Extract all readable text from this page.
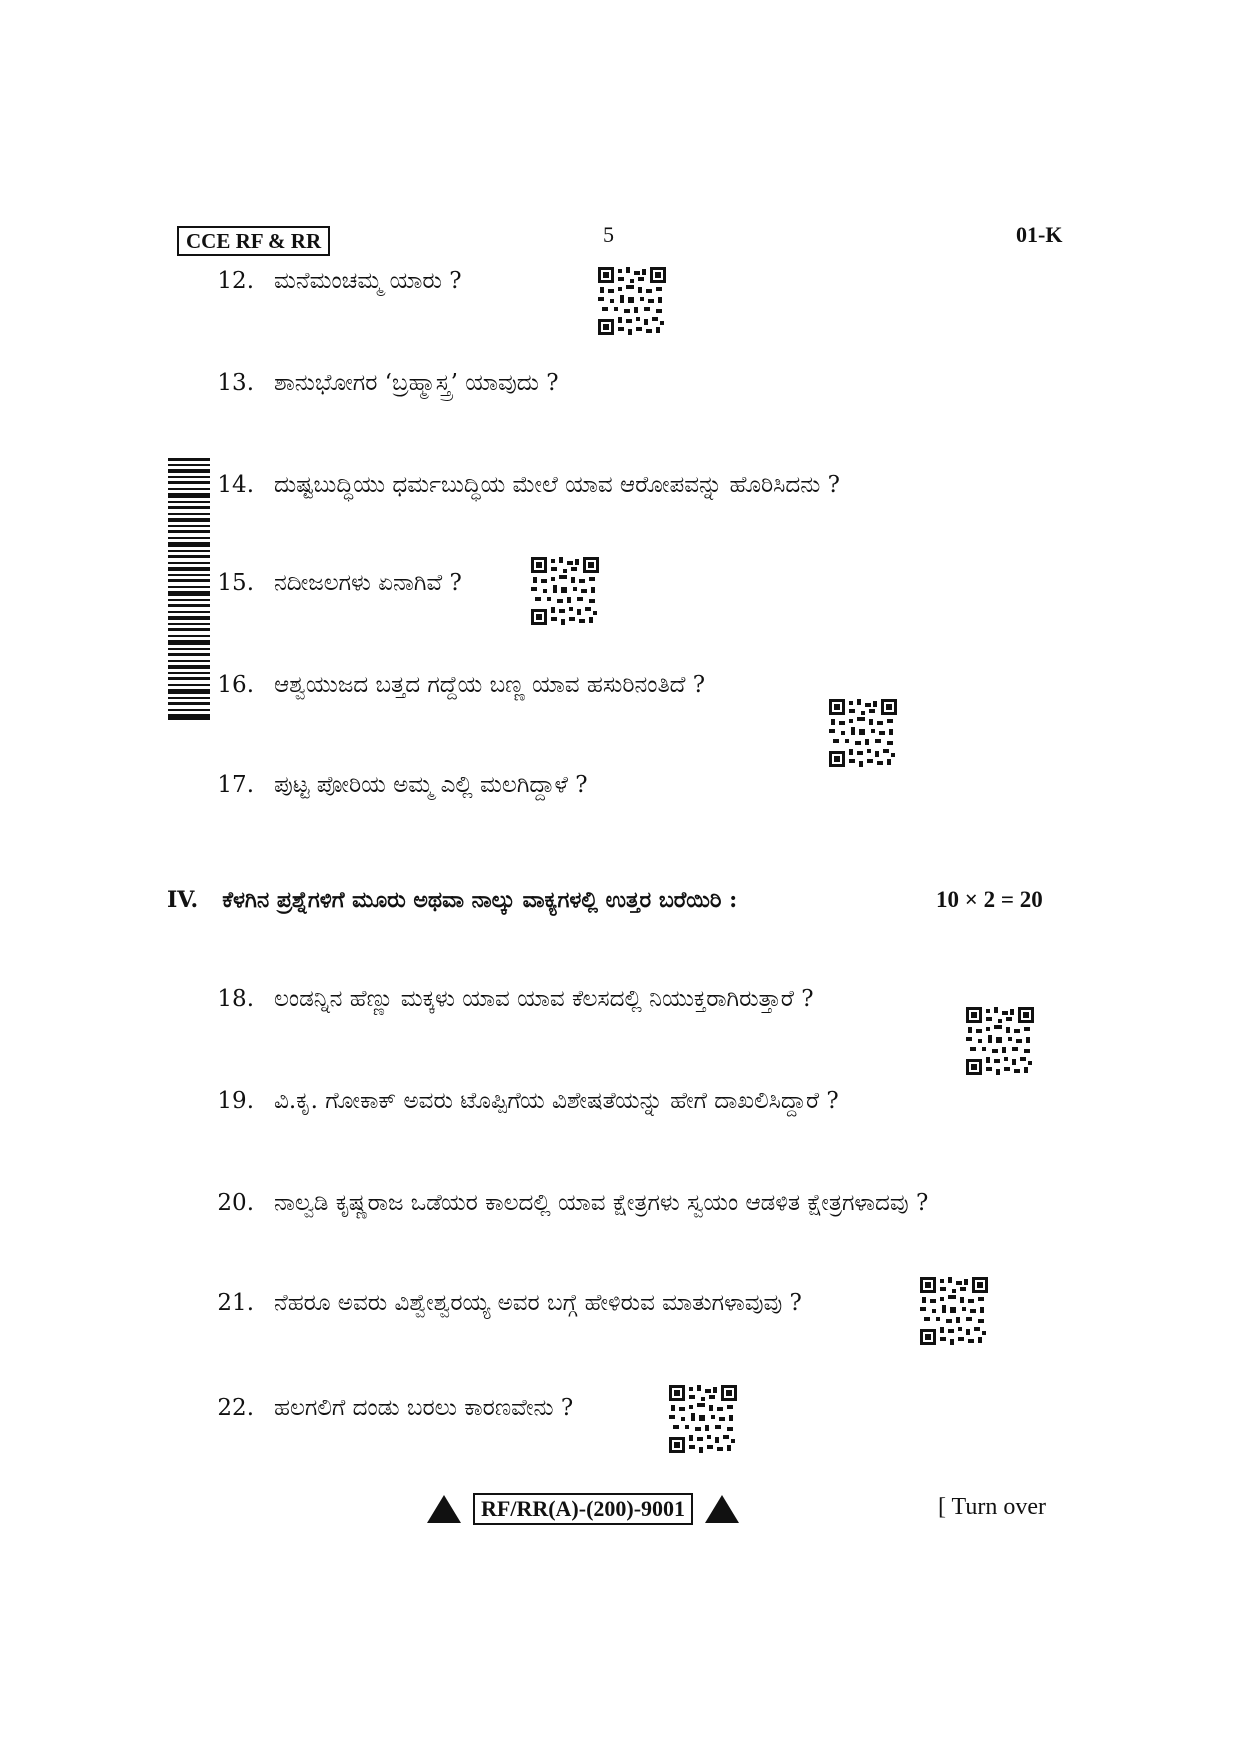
CCE RF & RR	5	01-K
12. ಮನೆಮಂಚಮ್ಮ ಯಾರು ?
13. ಶಾನುಭೋಗರ ‘ಬ್ರಹ್ಮಾಸ್ತ್ರ’ ಯಾವುದು ?
14. ದುಷ್ಟಬುದ್ಧಿಯು ಧರ್ಮಬುದ್ಧಿಯ ಮೇಲೆ ಯಾವ ಆರೋಪವನ್ನು ಹೊರಿಸಿದನು ?
15. ನದೀಜಲಗಳು ಏನಾಗಿವೆ ?
16. ಆಶ್ವಯುಜದ ಬತ್ತದ ಗದ್ದೆಯ ಬಣ್ಣ ಯಾವ ಹಸುರಿನಂತಿದೆ ?
17. ಪುಟ್ಟ ಪೋರಿಯ ಅಮ್ಮ ಎಲ್ಲಿ ಮಲಗಿದ್ದಾಳೆ ?
IV. ಕೆಳಗಿನ ಪ್ರಶ್ನೆಗಳಿಗೆ ಮೂರು ಅಥವಾ ನಾಲ್ಕು ವಾಕ್ಯಗಳಲ್ಲಿ ಉತ್ತರ ಬರೆಯಿರಿ :	10 × 2 = 20
18. ಲಂಡನ್ನಿನ ಹೆಣ್ಣು ಮಕ್ಕಳು ಯಾವ ಯಾವ ಕೆಲಸದಲ್ಲಿ ನಿಯುಕ್ತರಾಗಿರುತ್ತಾರೆ ?
19. ವಿ.ಕೃ. ಗೋಕಾಕ್ ಅವರು ಟೊಪ್ಪಿಗೆಯ ವಿಶೇಷತೆಯನ್ನು ಹೇಗೆ ದಾಖಲಿಸಿದ್ದಾರೆ ?
20. ನಾಲ್ವಡಿ ಕೃಷ್ಣರಾಜ ಒಡೆಯರ ಕಾಲದಲ್ಲಿ ಯಾವ ಕ್ಷೇತ್ರಗಳು ಸ್ವಯಂ ಆಡಳಿತ ಕ್ಷೇತ್ರಗಳಾದವು ?
21. ನೆಹರೂ ಅವರು ವಿಶ್ವೇಶ್ವರಯ್ಯ ಅವರ ಬಗ್ಗೆ ಹೇಳಿರುವ ಮಾತುಗಳಾವುವು ?
22. ಹಲಗಲಿಗೆ ದಂಡು ಬರಲು ಕಾರಣವೇನು ?
RF/RR(A)-(200)-9001	[ Turn over
